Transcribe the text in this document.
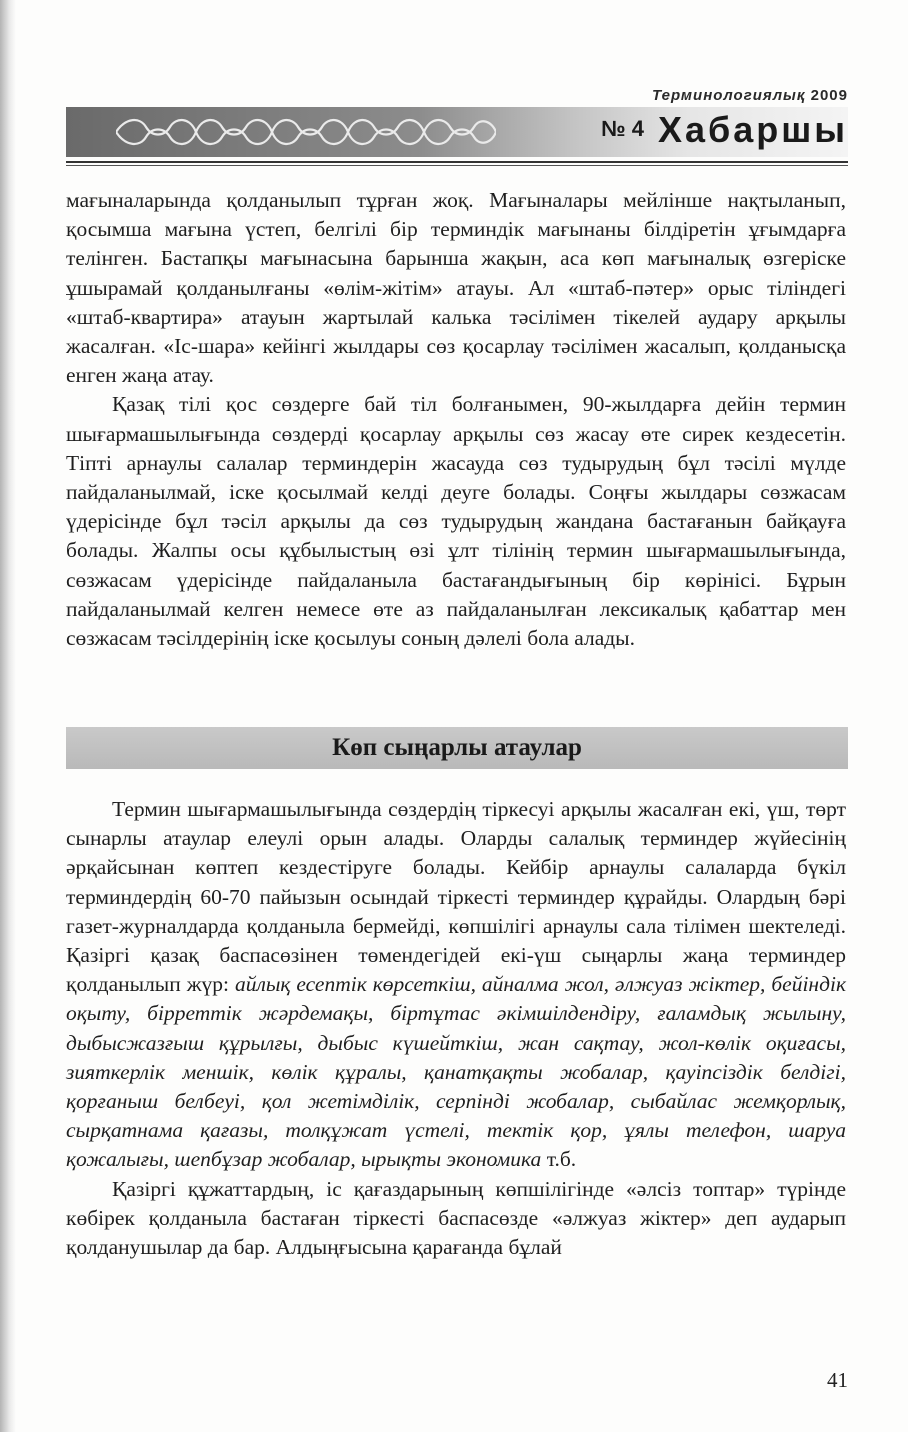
Терминологиялық 2009
№ 4 Хабаршы

мағыналарында қолданылып тұрған жоқ. Мағыналары мейлінше нақтыланып, қосымша мағына үстеп, белгілі бір терминдік мағынаны білдіретін ұғымдарға телінген. Бастапқы мағынасына барынша жақын, аса көп мағыналық өзгеріске ұшырамай қолданылғаны «өлім-жітім» атауы. Ал «штаб-пәтер» орыс тіліндегі «штаб-квартира» атауын жартылай калька тәсілімен тікелей аудару арқылы жасалған. «Іс-шара» кейінгі жылдары сөз қосарлау тәсілімен жасалып, қолданысқа енген жаңа атау.

Қазақ тілі қос сөздерге бай тіл болғанымен, 90-жылдарға дейін термин шығармашылығында сөздерді қосарлау арқылы сөз жасау өте сирек кездесетін. Тіпті арнаулы салалар терминдерін жасауда сөз тудырудың бұл тәсілі мүлде пайдаланылмай, іске қосылмай келді деуге болады. Соңғы жылдары сөзжасам үдерісінде бұл тәсіл арқылы да сөз тудырудың жандана бастағанын байқауға болады. Жалпы осы құбылыстың өзі ұлт тілінің термин шығармашылығында, сөзжасам үдерісінде пайдаланыла бастағандығының бір көрінісі. Бұрын пайдаланылмай келген немесе өте аз пайдаланылған лексикалық қабаттар мен сөзжасам тәсілдерінің іске қосылуы соның дәлелі бола алады.

Көп сыңарлы атаулар

Термин шығармашылығында сөздердің тіркесуі арқылы жасалған екі, үш, төрт сынарлы атаулар елеулі орын алады. Оларды салалық терминдер жүйесінің әрқайсынан көптеп кездестіруге болады. Кейбір арнаулы салаларда бүкіл терминдердің 60-70 пайызын осындай тіркесті терминдер құрайды. Олардың бәрі газет-журналдарда қолданыла бермейді, көпшілігі арнаулы сала тілімен шектеледі. Қазіргі қазақ баспасөзінен төмендегідей екі-үш сыңарлы жаңа терминдер қолданылып жүр: айлық есептік көрсеткіш, айналма жол, әлжуаз жіктер, бейіндік оқыту, бірреттік жәрдемақы, біртұтас әкімшілдендіру, ғаламдық жылыну, дыбысжазғыш құрылғы, дыбыс күшейткіш, жан сақтау, жол-көлік оқиғасы, зияткерлік меншік, көлік құралы, қанатқақты жобалар, қауіпсіздік белдігі, қорғаныш белбеуі, қол жетімділік, серпінді жобалар, сыбайлас жемқорлық, сырқатнама қағазы, толқұжат үстелі, тектік қор, ұялы телефон, шаруа қожалығы, шепбұзар жобалар, ырықты экономика т.б.

Қазіргі құжаттардың, іс қағаздарының көпшілігінде «әлсіз топтар» түрінде көбірек қолданыла бастаған тіркесті баспасөзде «әлжуаз жіктер» деп аударып қолданушылар да бар. Алдыңғысына қарағанда бұлай

41
